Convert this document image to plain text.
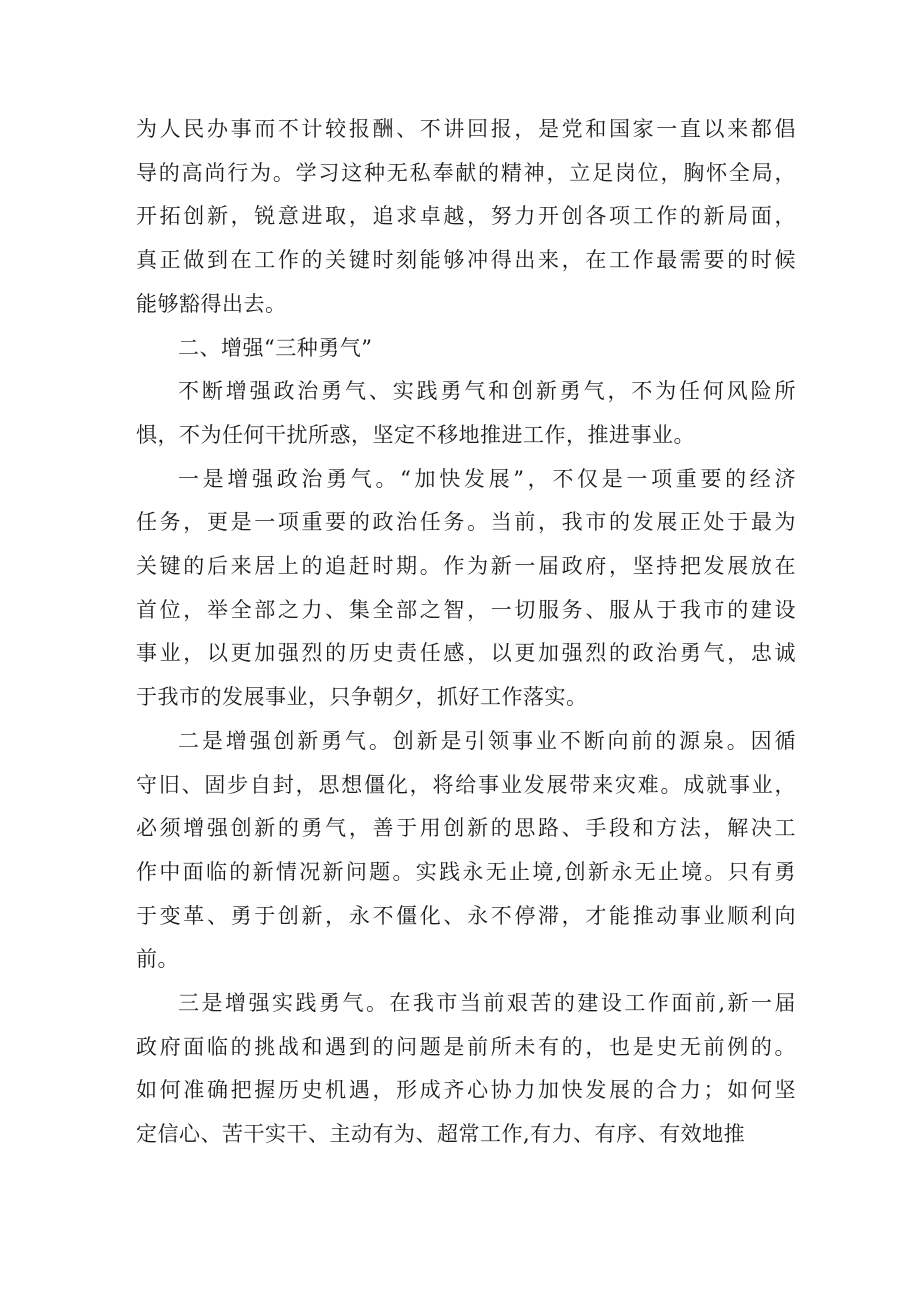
为人民办事而不计较报酬、不讲回报，是党和国家一直以来都倡
导的高尚行为。学习这种无私奉献的精神，立足岗位，胸怀全局，
开拓创新，锐意进取，追求卓越，努力开创各项工作的新局面，
真正做到在工作的关键时刻能够冲得出来，在工作最需要的时候
能够豁得出去。
二、增强“三种勇气”
不断增强政治勇气、实践勇气和创新勇气，不为任何风险所
惧，不为任何干扰所惑，坚定不移地推进工作，推进事业。
一是增强政治勇气。“加快发展”，不仅是一项重要的经济
任务，更是一项重要的政治任务。当前，我市的发展正处于最为
关键的后来居上的追赶时期。作为新一届政府，坚持把发展放在
首位，举全部之力、集全部之智，一切服务、服从于我市的建设
事业，以更加强烈的历史责任感，以更加强烈的政治勇气，忠诚
于我市的发展事业，只争朝夕，抓好工作落实。
二是增强创新勇气。创新是引领事业不断向前的源泉。因循
守旧、固步自封，思想僵化，将给事业发展带来灾难。成就事业，
必须增强创新的勇气，善于用创新的思路、手段和方法，解决工
作中面临的新情况新问题。实践永无止境,创新永无止境。只有勇
于变革、勇于创新，永不僵化、永不停滞，才能推动事业顺利向
前。
三是增强实践勇气。在我市当前艰苦的建设工作面前,新一届
政府面临的挑战和遇到的问题是前所未有的，也是史无前例的。
如何准确把握历史机遇，形成齐心协力加快发展的合力；如何坚
定信心、苦干实干、主动有为、超常工作,有力、有序、有效地推
